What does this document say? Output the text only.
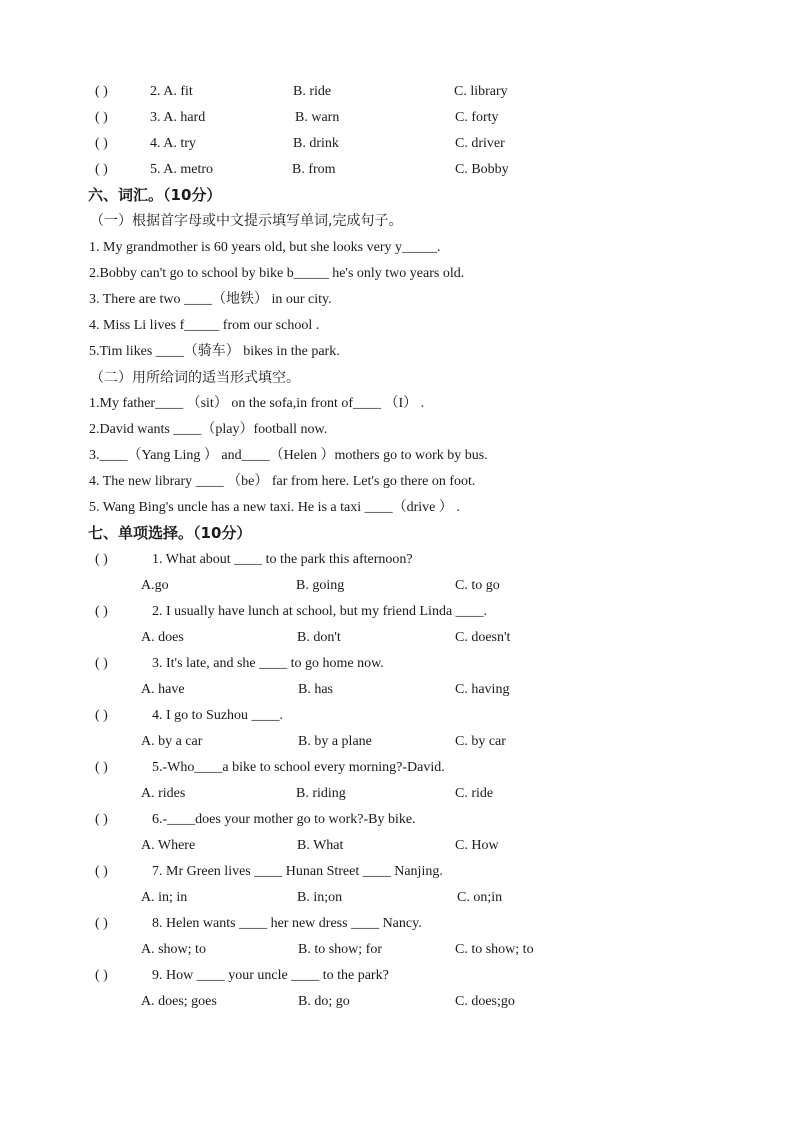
( )	2. A. fit	B. ride	C. library
( )	3. A. hard	B. warn	C. forty
( )	4. A. try	B. drink	C. driver
( )	5. A. metro	B. from	C. Bobby
六、词汇。（10分）
（一）根据首字母或中文提示填写单词,完成句子。
1. My grandmother is 60 years old, but she looks very y_____.
2.Bobby can't go to school by bike b_____ he's only two years old.
3. There are two ____（地铁） in our city.
4. Miss Li lives f_____ from our school .
5.Tim likes ____（骑车） bikes in the park.
（二）用所给词的适当形式填空。
1.My father____ （sit） on the sofa,in front of____ （I） .
2.David wants ____（play）football now.
3.____（Yang Ling ） and____（Helen ）mothers go to work by bus.
4. The new library ____ （be） far from here. Let's go there on foot.
5. Wang Bing's uncle has a new taxi. He is a taxi ____（drive ） .
七、单项选择。（10分）
( )	1. What about ____ to the park this afternoon?
A.go	B. going	C. to go
( )	2. I usually have lunch at school, but my friend Linda ____.
A. does	B. don't	C. doesn't
( )	3. It's late, and she ____ to go home now.
A. have	B. has	C. having
( )	4. I go to Suzhou ____.
A. by a car	B. by a plane	C. by car
( )	5.-Who____a bike to school every morning?-David.
A. rides	B. riding	C. ride
( )	6.-____does your mother go to work?-By bike.
A. Where	B. What	C. How
( )	7. Mr Green lives ____ Hunan Street ____ Nanjing.
A. in; in	B. in;on	C. on;in
( )	8. Helen wants ____ her new dress ____ Nancy.
A. show; to	B. to show; for	C. to show; to
( )	9. How ____ your uncle ____ to the park?
A. does; goes	B. do; go	C. does;go
